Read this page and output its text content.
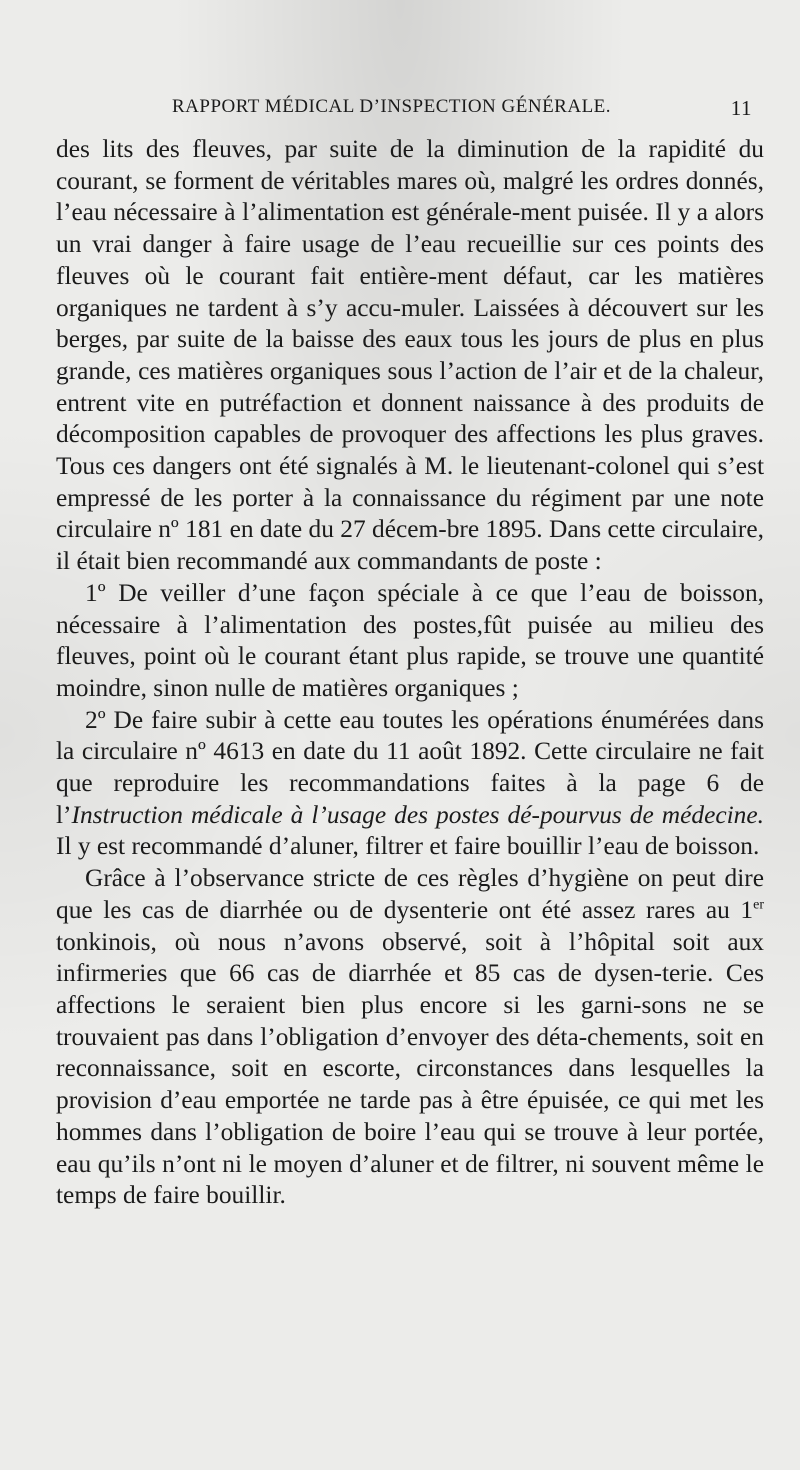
RAPPORT MÉDICAL D’INSPECTION GÉNÉRALE.	11

des lits des fleuves, par suite de la diminution de la rapidité du courant, se forment de véritables mares où, malgré les ordres donnés, l’eau nécessaire à l’alimentation est générale-ment puisée. Il y a alors un vrai danger à faire usage de l’eau recueillie sur ces points des fleuves où le courant fait entière-ment défaut, car les matières organiques ne tardent à s’y accu-muler. Laissées à découvert sur les berges, par suite de la baisse des eaux tous les jours de plus en plus grande, ces matières organiques sous l’action de l’air et de la chaleur, entrent vite en putréfaction et donnent naissance à des produits de décomposition capables de provoquer des affections les plus graves. Tous ces dangers ont été signalés à M. le lieutenant-colonel qui s’est empressé de les porter à la connaissance du régiment par une note circulaire nº 181 en date du 27 décem-bre 1895. Dans cette circulaire, il était bien recommandé aux commandants de poste :

1º De veiller d’une façon spéciale à ce que l’eau de boisson, nécessaire à l’alimentation des postes,fût puisée au milieu des fleuves, point où le courant étant plus rapide, se trouve une quantité moindre, sinon nulle de matières organiques ;

2º De faire subir à cette eau toutes les opérations énumérées dans la circulaire nº 4613 en date du 11 août 1892. Cette circulaire ne fait que reproduire les recommandations faites à la page 6 de l’Instruction médicale à l’usage des postes dé-pourvus de médecine. Il y est recommandé d’aluner, filtrer et faire bouillir l’eau de boisson.

Grâce à l’observance stricte de ces règles d’hygiène on peut dire que les cas de diarrhée ou de dysenterie ont été assez rares au 1er tonkinois, où nous n’avons observé, soit à l’hôpital soit aux infirmeries que 66 cas de diarrhée et 85 cas de dysen-terie. Ces affections le seraient bien plus encore si les garni-sons ne se trouvaient pas dans l’obligation d’envoyer des déta-chements, soit en reconnaissance, soit en escorte, circonstances dans lesquelles la provision d’eau emportée ne tarde pas à être épuisée, ce qui met les hommes dans l’obligation de boire l’eau qui se trouve à leur portée, eau qu’ils n’ont ni le moyen d’aluner et de filtrer, ni souvent même le temps de faire bouillir.
